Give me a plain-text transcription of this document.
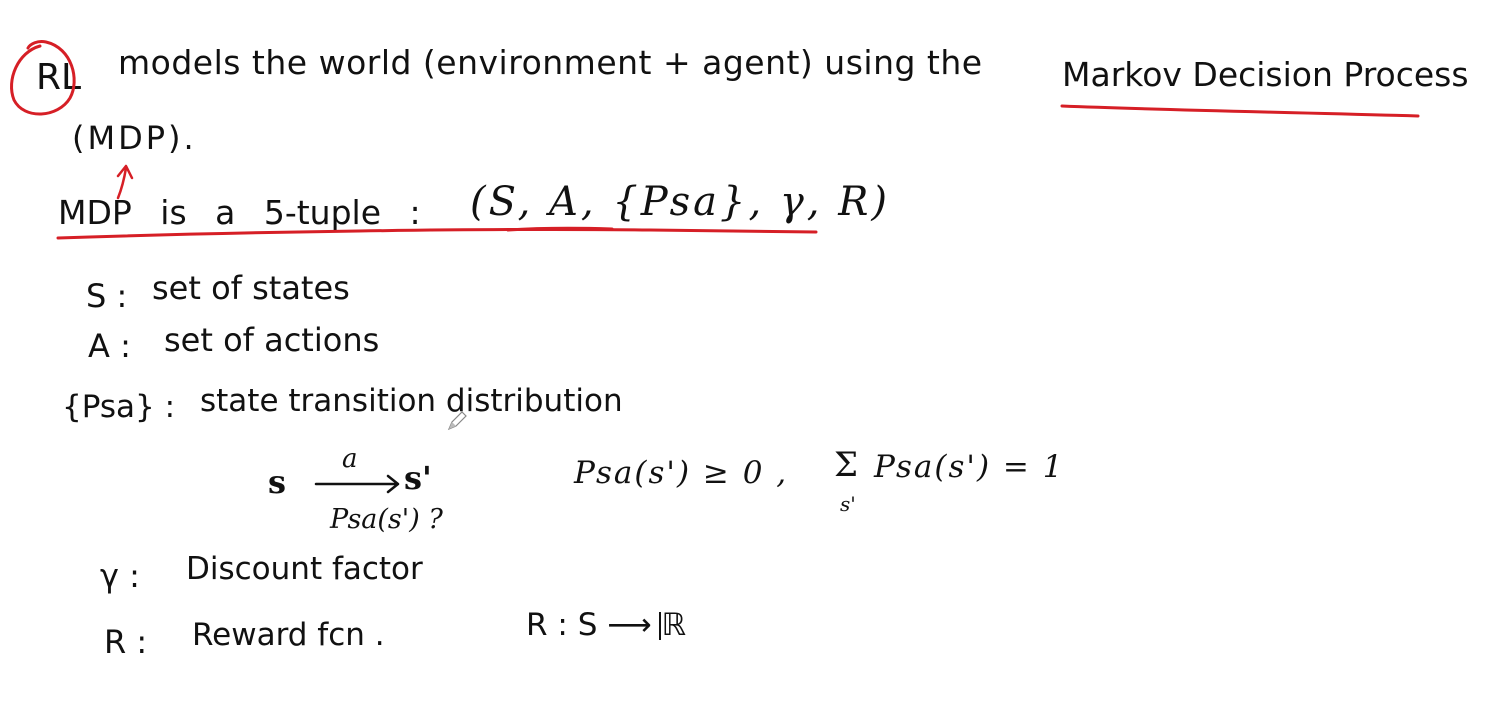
RL models the world (environment + agent) using the Markov Decision Process
(MDP).
MDP is a 5-tuple : (S, A, {Psa}, γ, R)
S : set of states
A : set of actions
{Psa} : state transition distribution
s
a s'
Psa(s') ?
Psa(s') ≥ 0 , Σ
s'
Psa(s') = 1
γ : Discount factor
R : Reward fcn .	R : S ⟶ ℝ
